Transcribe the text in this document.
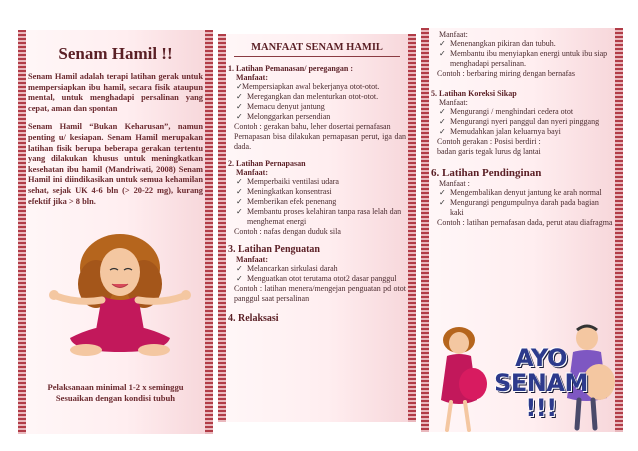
Senam Hamil !!
Senam Hamil adalah terapi latihan gerak untuk mempersiapkan ibu hamil, secara fisik ataupun mental, untuk menghadapi persalinan yang cepat, aman dan spontan
Senam Hamil “Bukan Keharusan”, namun penting u/ kesiapan. Senam Hamil merupakan latihan fisik berupa beberapa gerakan tertentu yang dilakukan khusus untuk meningkatkan kesehatan ibu hamil (Mandriwati, 2008) Senam Hamil ini diindikasikan untuk semua kehamilan sehat, sejak UK 4-6 bln (> 20-22 mg), kurang efektif jika > 8 bln.
Pelaksanaan minimal 1-2 x seminggu Sesuaikan dengan kondisi tubuh
MANFAAT SENAM HAMIL
1. Latihan Pemanasan/ peregangan :
Manfaat:
✓ Mempersiapkan awal bekerjanya otot-otot.
✓ Meregangkan dan melenturkan otot-otot.
✓ Memacu denyut jantung
✓ Melonggarkan persendian
Contoh : gerakan bahu, leher dosertai pernafasan
Pernapasan bisa dilakukan pernapasan perut, iga dan dada.
2. Latihan Pernapasan
Manfaat:
✓ Memperbaiki ventilasi udara
✓ Meningkatkan konsentrasi
✓ Memberikan efek penenang
✓ Membantu proses kelahiran tanpa rasa lelah dan menghemat energi
Contoh : nafas dengan duduk sila
3. Latihan Penguatan
Manfaat:
✓ Melancarkan sirkulasi darah
✓ Menguatkan otot terutama otot2 dasar panggul
Contoh : latihan menera/mengejan penguatan pd otot panggul saat persalinan
4. Relaksasi
Manfaat:
✓ Menenangkan pikiran dan tubuh.
✓ Membantu ibu menyiapkan energi untuk ibu siap menghadapi persalinan.
Contoh : berbaring miring dengan bernafas
5. Latihan Koreksi Sikap
Manfaat:
✓ Mengurangi / menghindari cedera otot
✓ Mengurangi nyeri panggul dan nyeri pinggang
✓ Memudahkan jalan keluarnya bayi
Contoh gerakan : Posisi berdiri :
badan garis tegak lurus dg lantai
6. Latihan Pendinginan
Manfaat :
✓ Mengembalikan denyut jantung ke arah normal
✓ Mengurangi pengumpulnya darah pada bagian kaki
Contoh : latihan pernafasan dada, perut atau diafragma
AYO
SENAM
!!!
